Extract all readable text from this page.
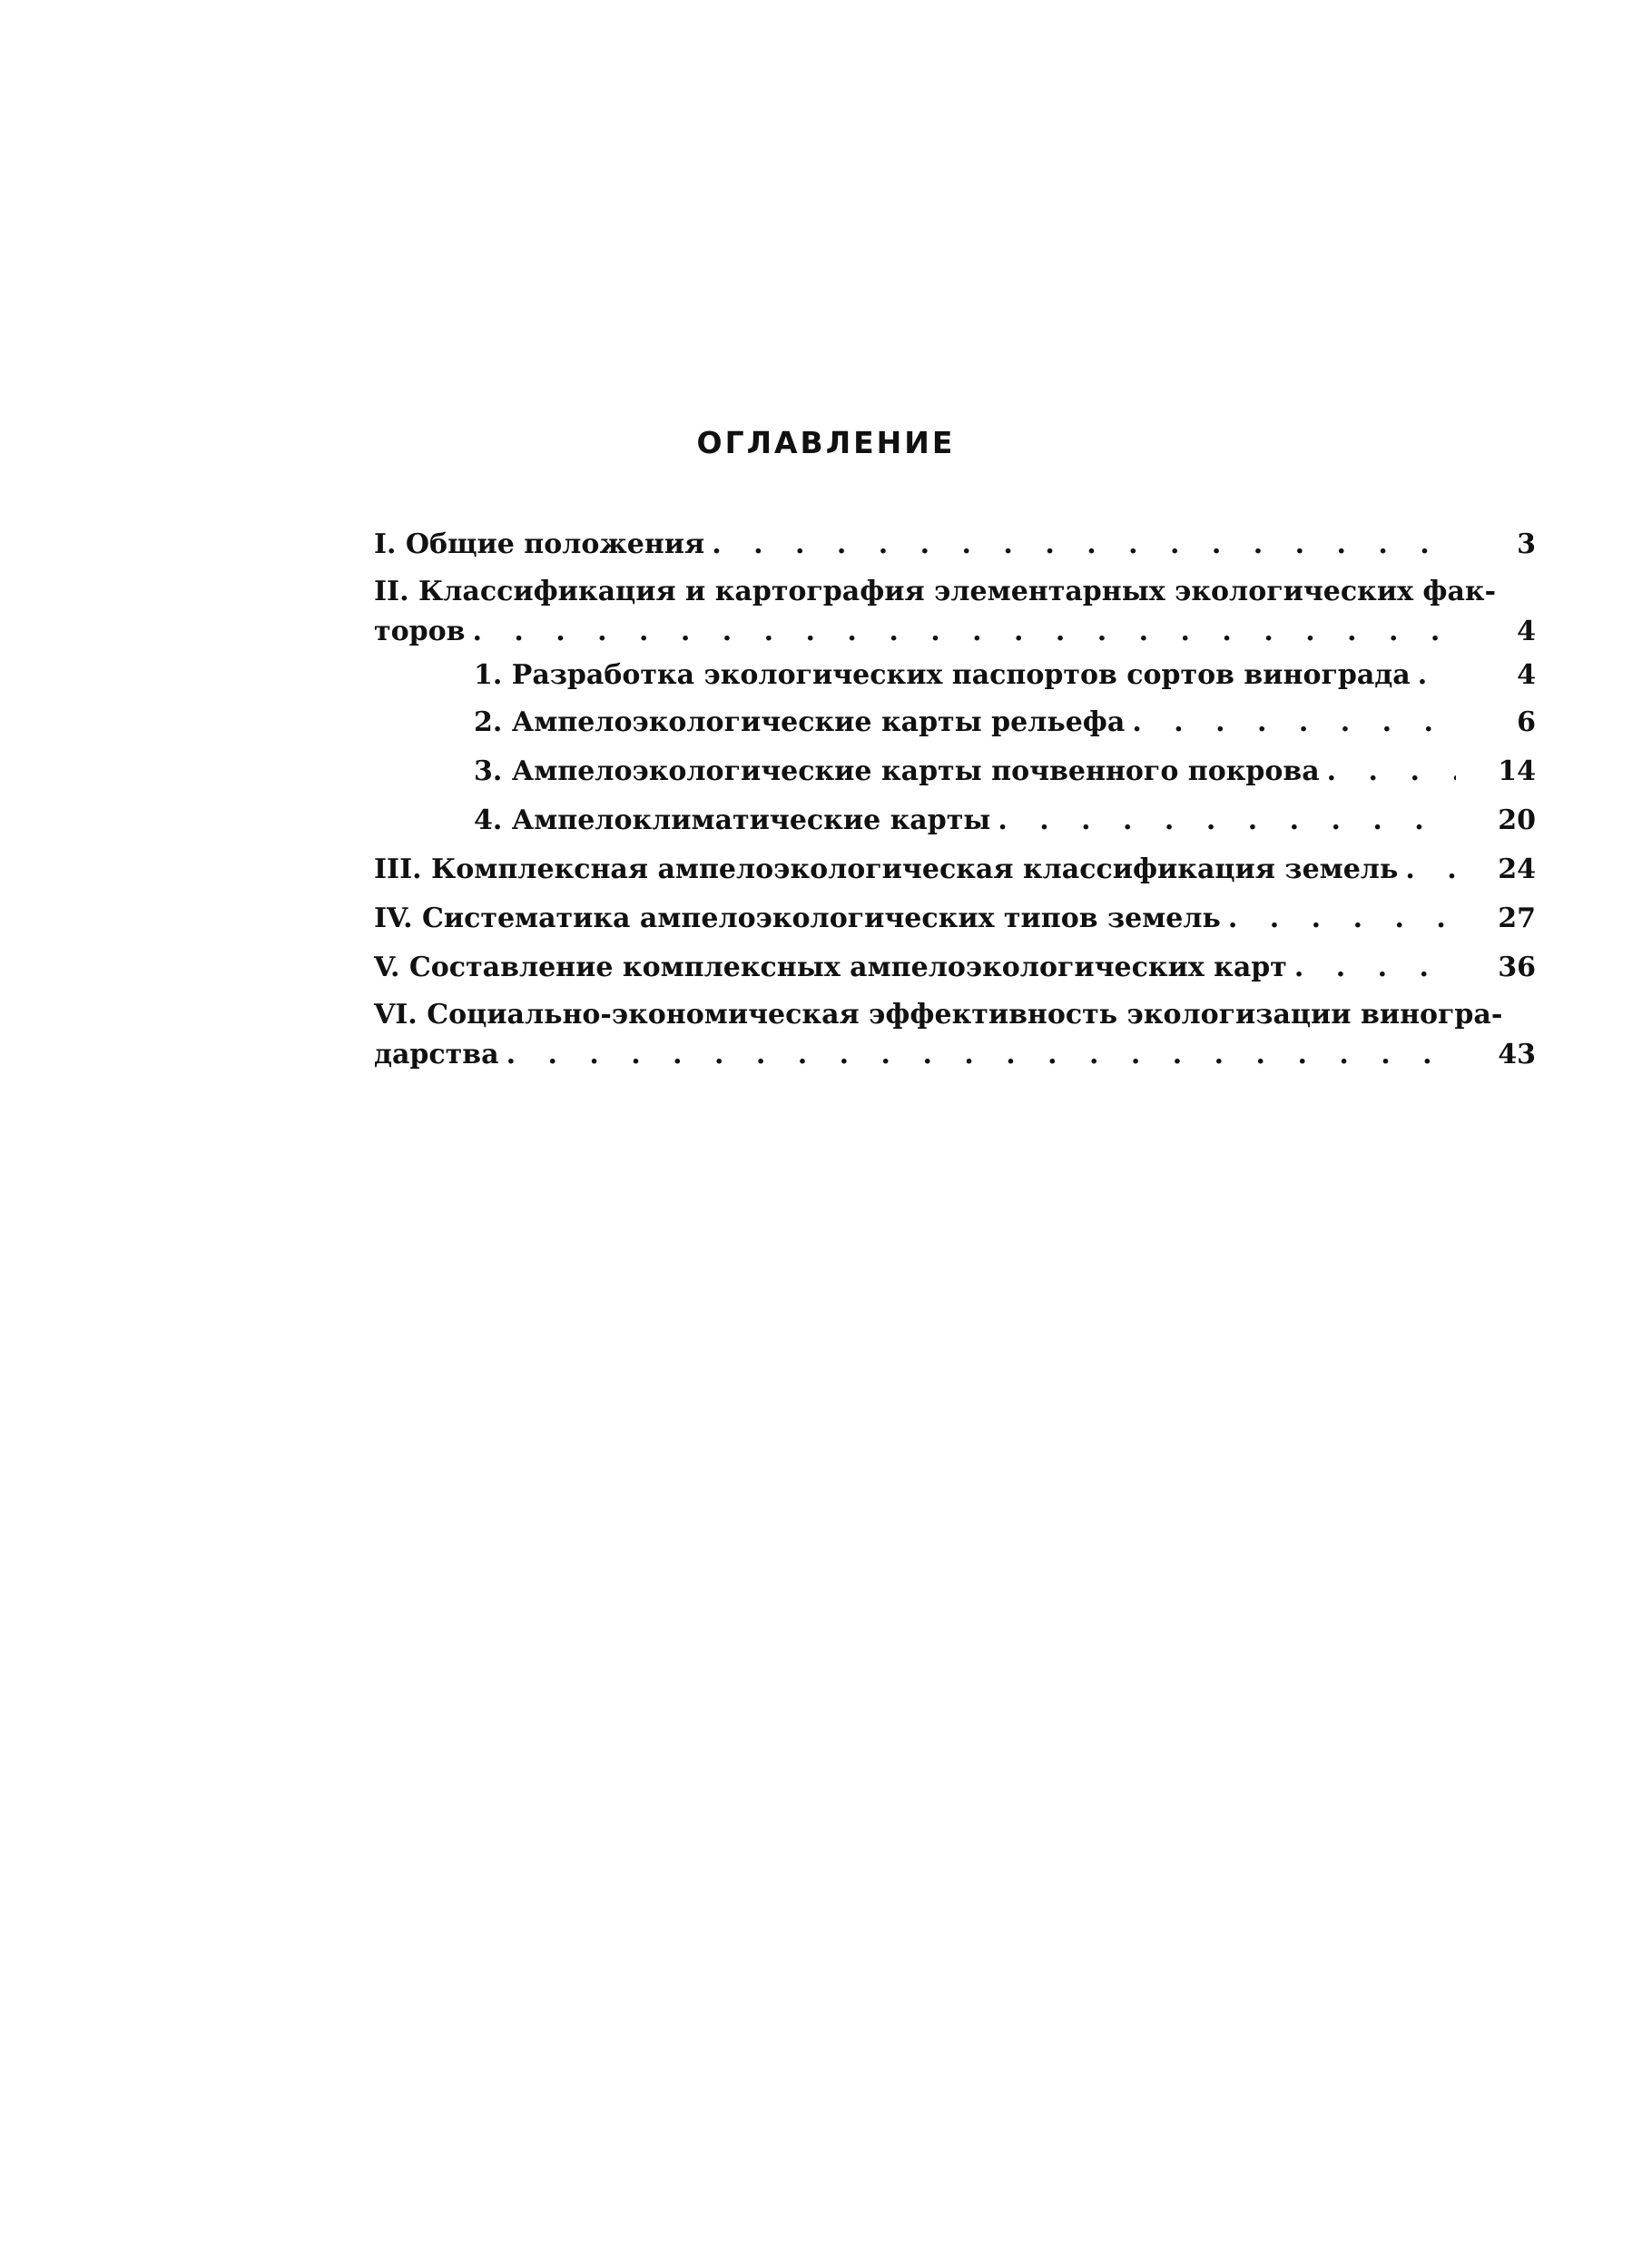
ОГЛАВЛЕНИЕ
I. Общие положения . . .	3
II. Классификация и картография элементарных экологических фак-
торов . . .	4
1. Разработка экологических паспортов сортов винограда . . .	4
2. Ампелоэкологические карты рельефа . . .	6
3. Ампелоэкологические карты почвенного покрова . . .	14
4. Ампелоклиматические карты . . .	20
III. Комплексная ампелоэкологическая классификация земель . . .	24
IV. Систематика ампелоэкологических типов земель . . .	27
V. Составление комплексных ампелоэкологических карт . . .	36
VI. Социально-экономическая эффективность экологизации виногра-
дарства . . .	43
